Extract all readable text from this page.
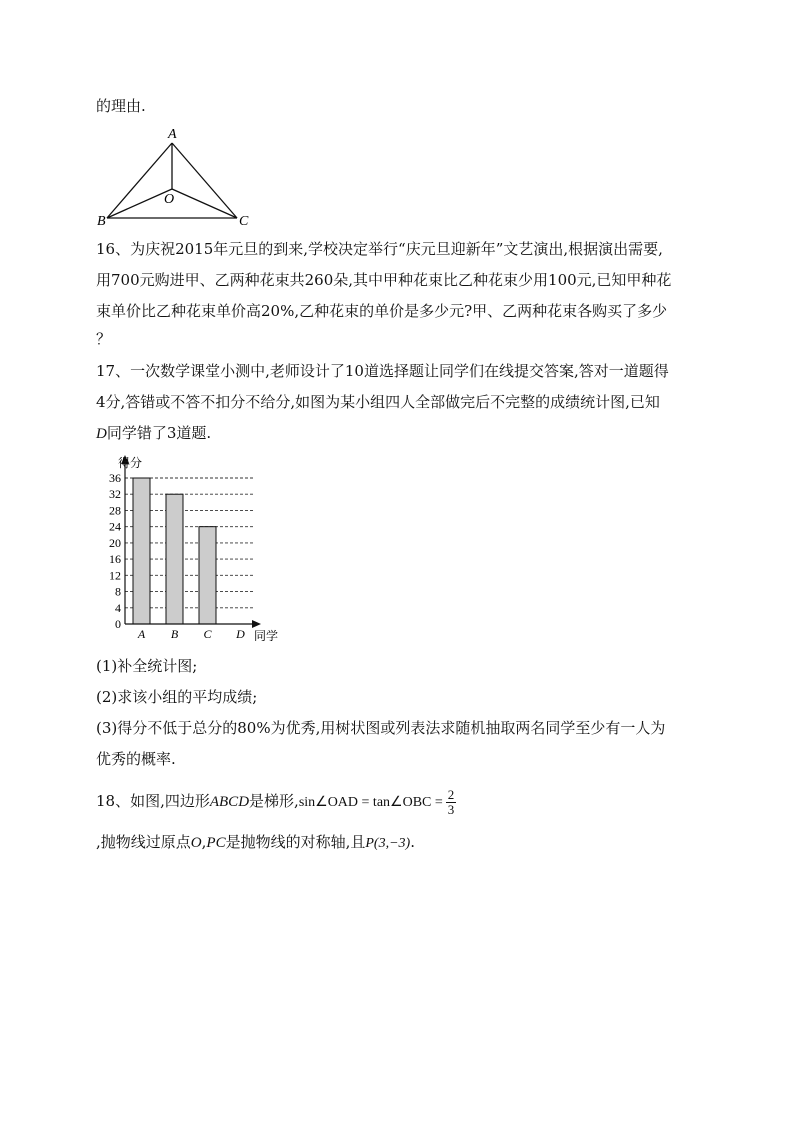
的理由.
A
O
B	C
16、为庆祝2015年元旦的到来,学校决定举行“庆元旦迎新年”文艺演出,根据演出需要,
用700元购进甲、乙两种花束共260朵,其中甲种花束比乙种花束少用100元,已知甲种花
束单价比乙种花束单价高20%,乙种花束的单价是多少元?甲、乙两种花束各购买了多少
？
17、一次数学课堂小测中,老师设计了10道选择题让同学们在线提交答案,答对一道题得
4分,答错或不答不扣分不给分,如图为某小组四人全部做完后不完整的成绩统计图,已知
D同学错了3道题.
得分
同学
0
4
8
12
16
20
24
28
32
36
A B C D
(1)补全统计图;
(2)求该小组的平均成绩;
(3)得分不低于总分的80%为优秀,用树状图或列表法求随机抽取两名同学至少有一人为
优秀的概率.
18、如图,四边形ABCD是梯形,sin∠OAD = tan∠OBC = $\frac{2}{3}$
,抛物线过原点O,PC是抛物线的对称轴,且P(3,−3).
